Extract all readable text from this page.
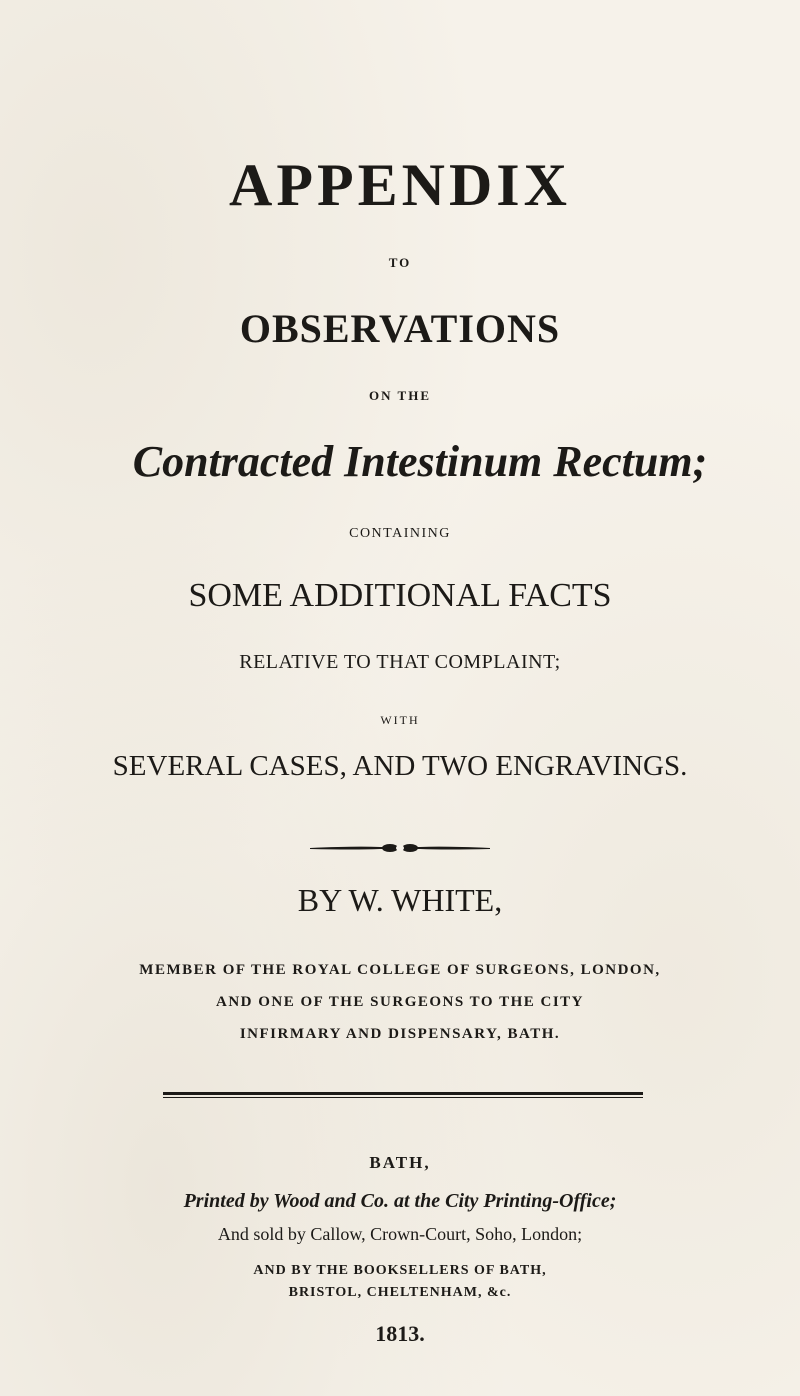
APPENDIX
TO
OBSERVATIONS
ON THE
Contracted Intestinum Rectum;
CONTAINING
SOME ADDITIONAL FACTS
RELATIVE TO THAT COMPLAINT;
WITH
SEVERAL CASES, AND TWO ENGRAVINGS.
BY W. WHITE,
MEMBER OF THE ROYAL COLLEGE OF SURGEONS, LONDON,
AND ONE OF THE SURGEONS TO THE CITY
INFIRMARY AND DISPENSARY, BATH.
BATH,
Printed by Wood and Co. at the City Printing-Office;
And sold by Callow, Crown-Court, Soho, London;
AND BY THE BOOKSELLERS OF BATH,
BRISTOL, CHELTENHAM, &c.
1813.
